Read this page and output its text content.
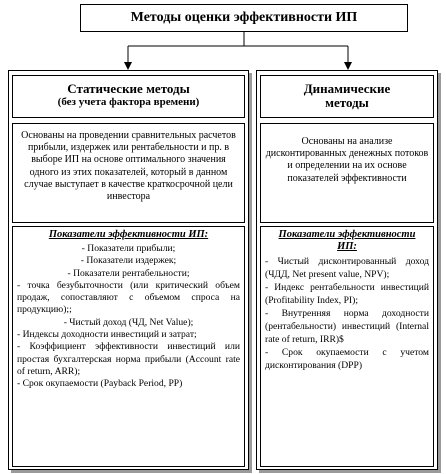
Методы оценки эффективности ИП
Статические методы
(без учета фактора времени)
Основаны на проведении сравнительных расчетов прибыли, издержек или рентабельности и пр. в выборе ИП на основе оптимального значения одного из этих показателей, который в данном случае выступает в качестве краткосрочной цели инвестора
Показатели эффективности ИП:
- Показатели прибыли;
- Показатели издержек;
- Показатели рентабельности;
- точка безубыточности (или критический объем продаж, сопоставляют с объемом спроса на продукцию);;
- Чистый доход (ЧД, Net Value);
- Индексы доходности инвестиций и затрат;
- Коэффициент эффективности инвестиций или простая бухгалтерская норма прибыли (Account rate of return, ARR);
- Срок окупаемости (Payback Period, PP)
Динамические методы
Основаны на анализе дисконтированных денежных потоков и определении на их основе показателей эффективности
Показатели эффективности ИП:
- Чистый дисконтированный доход (ЧДД, Net present value, NPV);
- Индекс рентабельности инвестиций (Profitability Index, PI);
- Внутренняя норма доходности (рентабельности) инвестиций (Internal rate of return, IRR)$
- Срок окупаемости с учетом дисконтирования (DPP)
